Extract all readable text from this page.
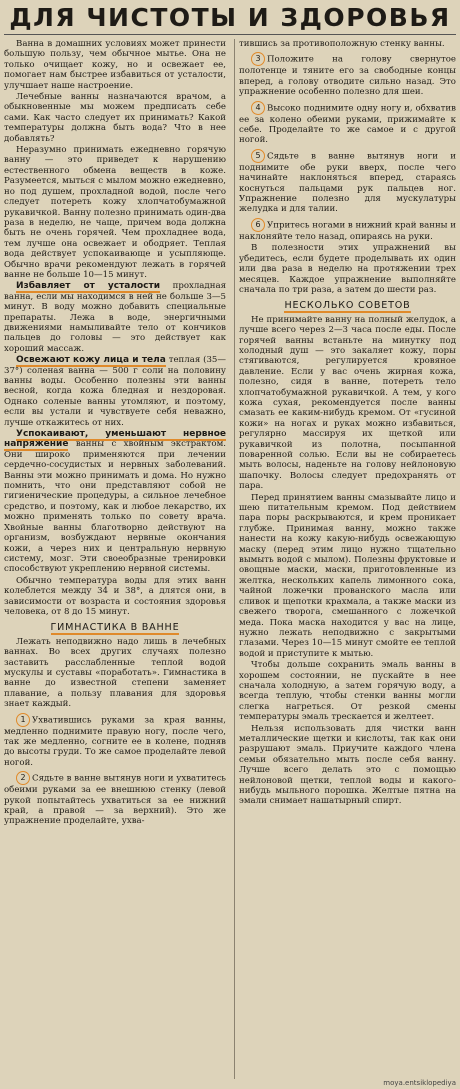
ДЛЯ ЧИСТОТЫ И ЗДОРОВЬЯ

Ванна в домашних условиях может принести большую пользу, чем обычное мытье. Она не только очищает кожу, но и освежает ее, помогает нам быстрее избавиться от усталости, улучшает наше настроение.

Лечебные ванны назначаются врачом, а обыкновенные мы можем предписать себе сами. Как часто следует их принимать? Какой температуры должна быть вода? Что в нее добавлять?

Неразумно принимать ежедневно горячую ванну — это приведет к нарушению естественного обмена веществ в коже. Разумеется, мыться с мылом можно ежедневно, но под душем, прохладной водой, после чего следует потереть кожу хлопчатобумажной рукавичкой. Ванну полезно принимать один-два раза в неделю, не чаще, причем вода должна быть не очень горячей. Чем прохладнее вода, тем лучше она освежает и ободряет. Теплая вода действует успокаивающе и усыпляюще. Обычно врачи рекомендуют лежать в горячей ванне не больше 10—15 минут.

Избавляет от усталости прохладная ванна, если мы находимся в ней не больше 3—5 минут. В воду можно добавить специальные препараты. Лежа в воде, энергичными движениями намыливайте тело от кончиков пальцев до головы — это действует как хороший массаж.

Освежают кожу лица и тела теплая (35—37°) соленая ванна — 500 г соли на половину ванны воды. Особенно полезны эти ванны весной, когда кожа бледная и нездоровая. Однако соленые ванны утомляют, и поэтому, если вы устали и чувствуете себя неважно, лучше откажитесь от них.

Успокаивают, уменьшают нервное напряжение ванны с хвойным экстрактом. Они широко применяются при лечении сердечно-сосудистых и нервных заболеваний. Ванны эти можно принимать и дома. Но нужно помнить, что они представляют собой не гигиенические процедуры, а сильное лечебное средство, и поэтому, как и любое лекарство, их можно применять только по совету врача. Хвойные ванны благотворно действуют на организм, возбуждают нервные окончания кожи, а через них и центральную нервную систему, мозг. Эти своеобразные тренировки способствуют укреплению нервной системы.

Обычно температура воды для этих ванн колеблется между 34 и 38°, а длятся они, в зависимости от возраста и состояния здоровья человека, от 8 до 15 минут.

ГИМНАСТИКА В ВАННЕ

Лежать неподвижно надо лишь в лечебных ваннах. Во всех других случаях полезно заставить расслабленные теплой водой мускулы и суставы «поработать». Гимнастика в ванне до известной степени заменяет плавание, а пользу плавания для здоровья знает каждый.

1 Ухватившись руками за края ванны, медленно поднимите правую ногу, после чего, так же медленно, согните ее в колене, подняв до высоты груди. То же самое проделайте левой ногой.

2 Сядьте в ванне вытянув ноги и ухватитесь обеими руками за ее внешнюю стенку (левой рукой попытайтесь ухватиться за ее нижний край, а правой — за верхний). Это же упражнение проделайте, ухва-

тившись за противоположную стенку ванны.

3 Положите на голову свернутое полотенце и тяните его за свободные концы вперед, а голову отводите сильно назад. Это упражнение особенно полезно для шеи.

4 Высоко поднимите одну ногу и, обхватив ее за колено обеими руками, прижимайте к себе. Проделайте то же самое и с другой ногой.

5 Сядьте в ванне вытянув ноги и поднимите обе руки вверх, после чего начинайте наклоняться вперед, стараясь коснуться пальцами рук пальцев ног. Упражнение полезно для мускулатуры желудка и для талии.

6 Упритесь ногами в нижний край ванны и наклоняйте тело назад, опираясь на руки.

В полезности этих упражнений вы убедитесь, если будете проделывать их один или два раза в неделю на протяжении трех месяцев. Каждое упражнение выполняйте сначала по три раза, а затем до шести раз.

НЕСКОЛЬКО СОВЕТОВ

Не принимайте ванну на полный желудок, а лучше всего через 2—3 часа после еды. После горячей ванны встаньте на минутку под холодный душ — это закаляет кожу, поры стягиваются, регулируется кровяное давление. Если у вас очень жирная кожа, полезно, сидя в ванне, потереть тело хлопчатобумажной рукавичкой. А тем, у кого кожа сухая, рекомендуется после ванны смазать ее каким-нибудь кремом. От «гусиной кожи» на ногах и руках можно избавиться, регулярно массируя их щеткой или рукавичкой из полотна, посыпанной поваренной солью. Если вы не собираетесь мыть волосы, наденьте на голову нейлоновую шапочку. Волосы следует предохранять от пара.

Перед принятием ванны смазывайте лицо и шею питательным кремом. Под действием пара поры раскрываются, и крем проникает глубже. Принимая ванну, можно также нанести на кожу какую-нибудь освежающую маску (перед этим лицо нужно тщательно вымыть водой с мылом). Полезны фруктовые и овощные маски, маски, приготовленные из желтка, нескольких капель лимонного сока, чайной ложечки прованского масла или сливок и щепотки крахмала, а также маски из свежего творога, смешанного с ложечкой меда. Пока маска находится у вас на лице, нужно лежать неподвижно с закрытыми глазами. Через 10—15 минут смойте ее теплой водой и приступите к мытью.

Чтобы дольше сохранить эмаль ванны в хорошем состоянии, не пускайте в нее сначала холодную, а затем горячую воду, а всегда теплую, чтобы стенки ванны могли слегка нагреться. От резкой смены температуры эмаль трескается и желтеет.

Нельзя использовать для чистки ванн металлические щетки и кислоты, так как они разрушают эмаль. Приучите каждого члена семьи обязательно мыть после себя ванну. Лучше всего делать это с помощью нейлоновой щетки, теплой воды и какого-нибудь мыльного порошка. Желтые пятна на эмали снимает нашатырный спирт.

moya.entsiklopediya
